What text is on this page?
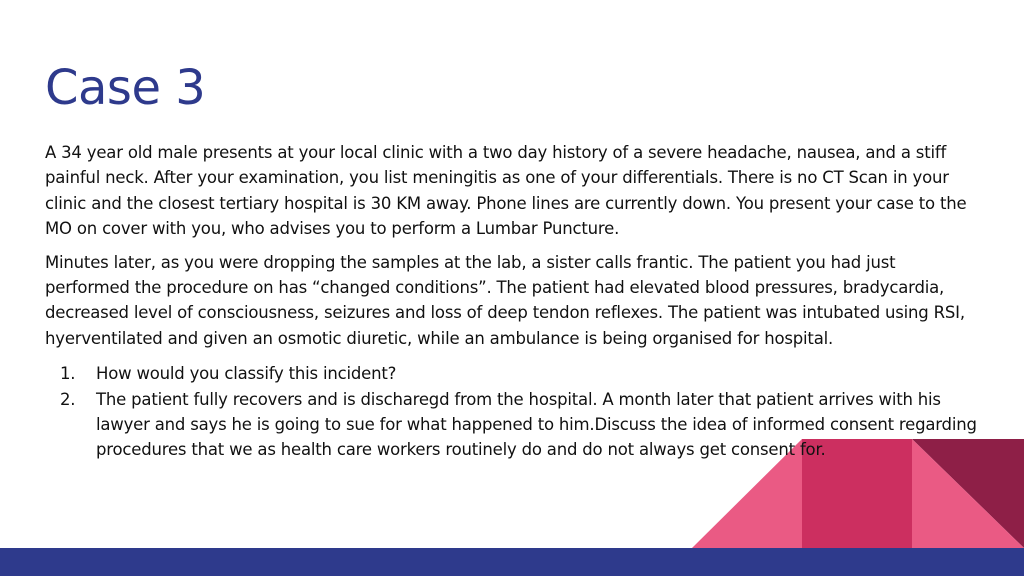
Case 3

A 34 year old male presents at your local clinic with a two day history of a severe headache, nausea, and a stiff painful neck. After your examination, you list meningitis as one of your differentials. There is no CT Scan in your clinic and the closest tertiary hospital is 30 KM away. Phone lines are currently down. You present your case to the MO on cover with you, who advises you to perform a Lumbar Puncture.

Minutes later, as you were dropping the samples at the lab, a sister calls frantic. The patient you had just performed the procedure on has “changed conditions”. The patient had elevated blood pressures, bradycardia, decreased level of consciousness, seizures and loss of deep tendon reflexes. The patient was intubated using RSI, hyerventilated and given an osmotic diuretic, while an ambulance is being organised for hospital.

1. How would you classify this incident?
2. The patient fully recovers and is discharegd from the hospital. A month later that patient arrives with his lawyer and says he is going to sue for what happened to him.Discuss the idea of informed consent regarding procedures that we as health care workers routinely do and do not always get consent for.
